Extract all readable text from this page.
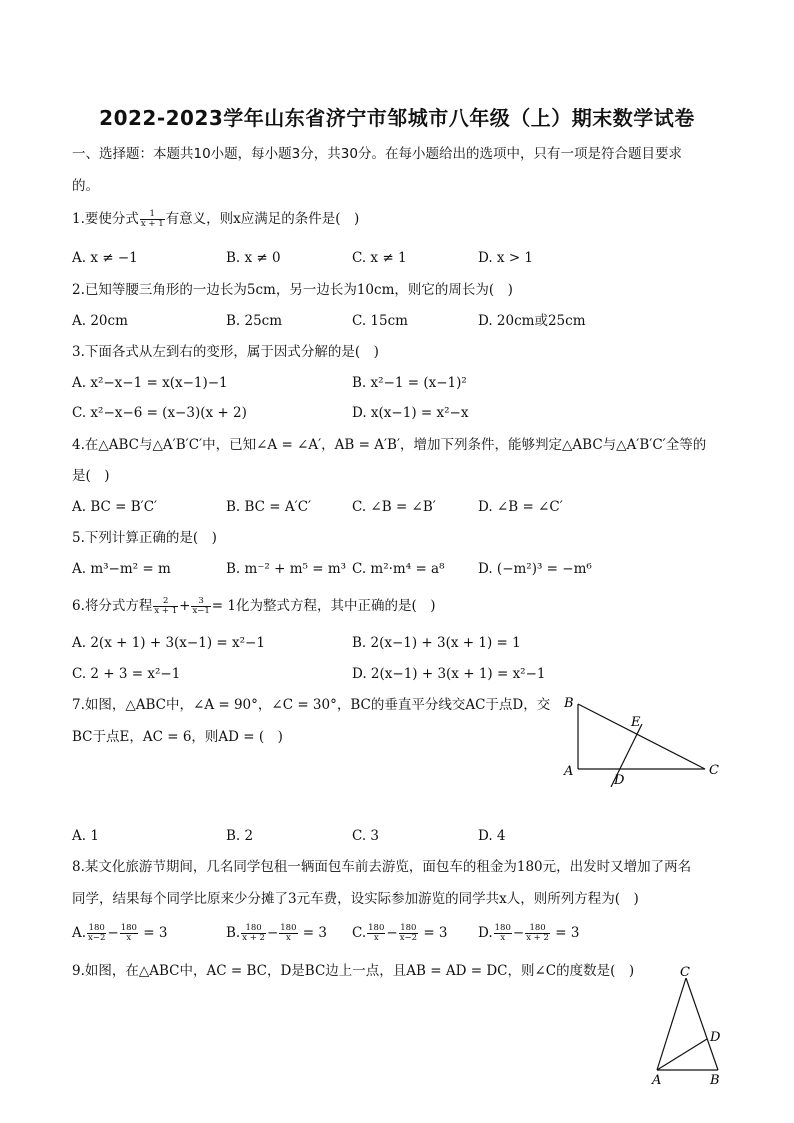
2022-2023学年山东省济宁市邹城市八年级（上）期末数学试卷
一、选择题：本题共10小题，每小题3分，共30分。在每小题给出的选项中，只有一项是符合题目要求
的。
1.要使分式 $\frac{1}{x + 1}$ 有意义，则x应满足的条件是(　)
A. x ≠ −1	B. x ≠ 0	C. x ≠ 1	D. x > 1
2.已知等腰三角形的一边长为5cm，另一边长为10cm，则它的周长为(　)
A. 20cm	B. 25cm	C. 15cm	D. 20cm或25cm
3.下面各式从左到右的变形，属于因式分解的是(　)
A. x²−x−1 = x(x−1)−1	B. x²−1 = (x−1)²
C. x²−x−6 = (x−3)(x + 2)	D. x(x−1) = x²−x
4.在△ABC与△A′B′C′中，已知∠A = ∠A′，AB = A′B′，增加下列条件，能够判定△ABC与△A′B′C′全等的
是(　)
A. BC = B′C′	B. BC = A′C′	C. ∠B = ∠B′	D. ∠B = ∠C′
5.下列计算正确的是(　)
A. m³−m² = m	B. m⁻² + m⁵ = m³ C. m²·m⁴ = a⁸ D. (−m²)³ = −m⁶
6.将分式方程 $\frac{2}{x + 1} + \frac{3}{x-1} = 1$化为整式方程，其中正确的是(　)
A. 2(x + 1) + 3(x−1) = x²−1	B. 2(x−1) + 3(x + 1) = 1
C. 2 + 3 = x²−1	D. 2(x−1) + 3(x + 1) = x²−1
7.如图，△ABC中，∠A = 90°，∠C = 30°，BC的垂直平分线交AC于点D，交
BC于点E，AC = 6，则AD = (　)
B
E
A
D
C
A. 1	B. 2	C. 3	D. 4
8.某文化旅游节期间，几名同学包租一辆面包车前去游览，面包车的租金为180元，出发时又增加了两名
同学，结果每个同学比原来少分摊了3元车费，设实际参加游览的同学共x人，则所列方程为(　)
A. $\frac{180}{x-2} - \frac{180}{x} = 3$	B. $\frac{180}{x + 2} - \frac{180}{x} = 3$ C. $\frac{180}{x} - \frac{180}{x-2} = 3$ D. $\frac{180}{x} - \frac{180}{x + 2} = 3$
9.如图，在△ABC中，AC = BC，D是BC边上一点，且AB = AD = DC，则∠C的度数是(　)	C
D
A	B
